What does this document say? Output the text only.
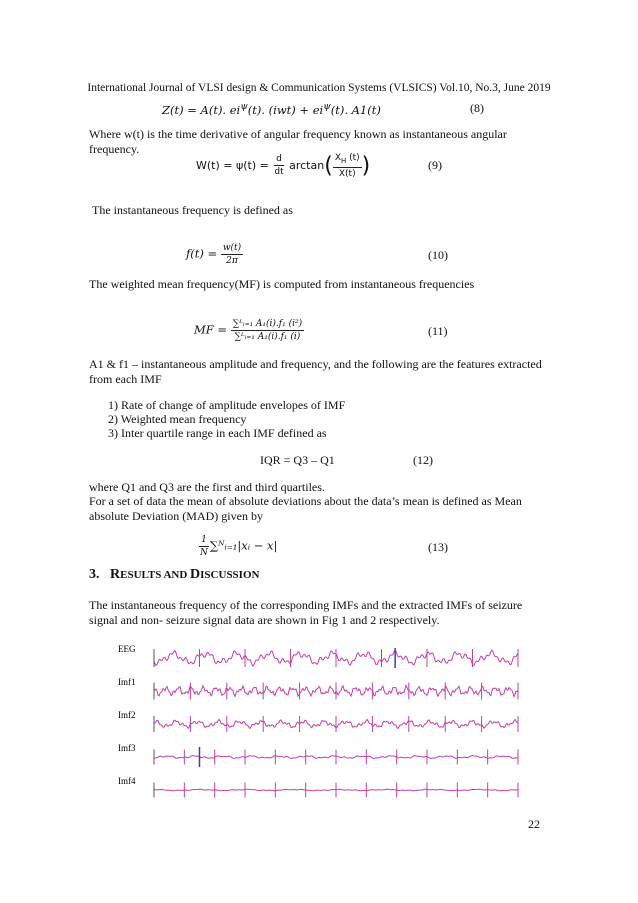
International Journal of VLSI design & Communication Systems (VLSICS) Vol.10, No.3, June 2019
Z(t) = A(t). $ei^\psi(t)$. $(iwt) + ei^\psi(t)$. A1(t)	(8)
Where w(t) is the time derivative of angular frequency known as instantaneous angular frequency.
$W(t) = \psi(t) = \frac{d}{dt} \arctan( \frac{X_H (t)}{X(t)}$ )	(9)
The instantaneous frequency is defined as
$f(t) = \frac{w(t)}{2\pi}$	(10)
The weighted mean frequency(MF) is computed from instantaneous frequencies
MF = $\frac{\text{∑ᴸᵢ₌₁ A₁(i).f₁ (i²)}}{\text{∑ᴸᵢ₌₁ A₁(i).f₁ (i)}}$	(11)
A1 & f1 – instantaneous amplitude and frequency, and the following are the features extracted from each IMF
1) Rate of change of amplitude envelopes of IMF
2) Weighted mean frequency
3) Inter quartile range in each IMF defined as
IQR = Q3 – Q1	(12)
where Q1 and Q3 are the first and third quartiles.
For a set of data the mean of absolute deviations about the data’s mean is defined as Mean absolute Deviation (MAD) given by
$\frac{1}{N}$ ∑ᴺᵢ₌₁|xᵢ − x|	(13)
3. RESULTS AND DISCUSSION
The instantaneous frequency of the corresponding IMFs and the extracted IMFs of seizure signal and non- seizure signal data are shown in Fig 1 and 2 respectively.
EEG
Imf1
Imf2
Imf3
Imf4
22
